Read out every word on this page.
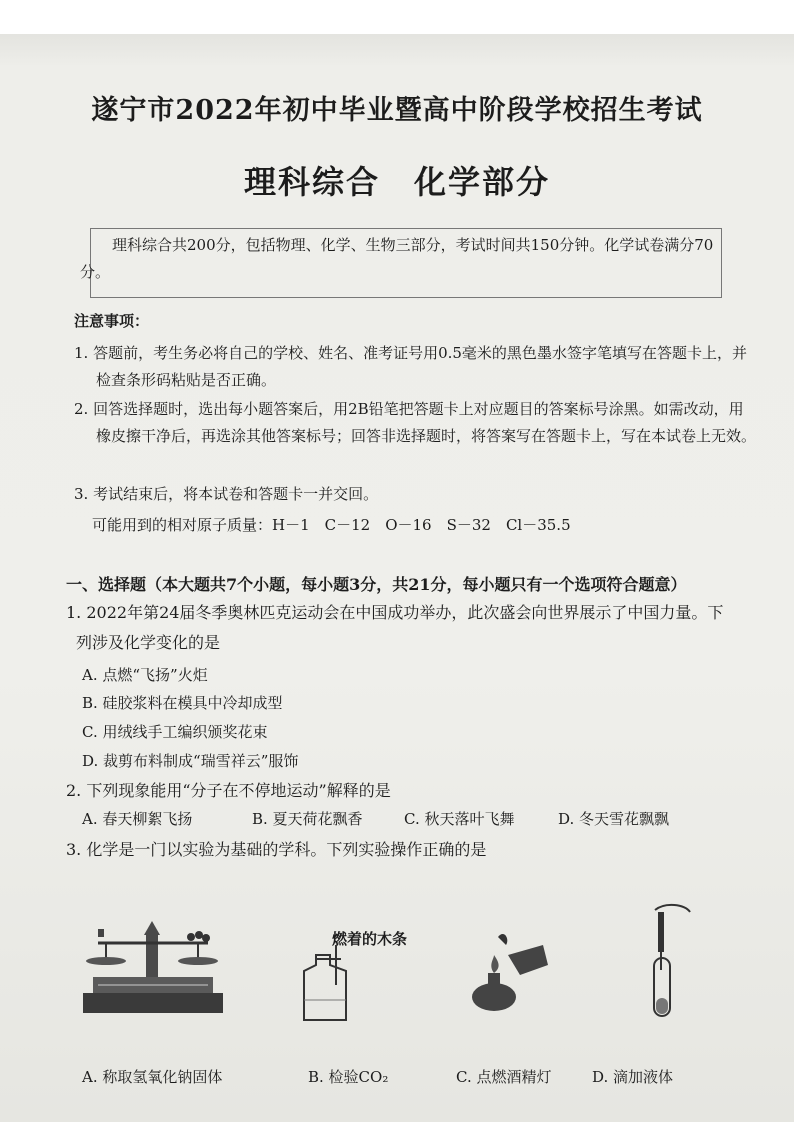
遂宁市2022年初中毕业暨高中阶段学校招生考试
理科综合　化学部分
理科综合共200分，包括物理、化学、生物三部分，考试时间共150分钟。化学试卷满分70分。
注意事项：

1. 答题前，考生务必将自己的学校、姓名、准考证号用0.5毫米的黑色墨水签字笔填写在答题卡上，并检查条形码粘贴是否正确。

2. 回答选择题时，选出每小题答案后，用2B铅笔把答题卡上对应题目的答案标号涂黑。如需改动，用橡皮擦干净后，再选涂其他答案标号；回答非选择题时，将答案写在答题卡上，写在本试卷上无效。

3. 考试结束后，将本试卷和答题卡一并交回。

可能用到的相对原子质量：H－1　C－12　O－16　S－32　Cl－35.5
一、选择题（本大题共7个小题，每小题3分，共21分，每小题只有一个选项符合题意）
1. 2022年第24届冬季奥林匹克运动会在中国成功举办，此次盛会向世界展示了中国力量。下
列涉及化学变化的是
A. 点燃“飞扬”火炬
B. 硅胶浆料在模具中冷却成型
C. 用绒线手工编织颁奖花束
D. 裁剪布料制成“瑞雪祥云”服饰
2. 下列现象能用“分子在不停地运动”解释的是
A. 春天柳絮飞扬	B. 夏天荷花飘香	C. 秋天落叶飞舞	D. 冬天雪花飘飘
3. 化学是一门以实验为基础的学科。下列实验操作正确的是
燃着的木条
A. 称取氢氧化钠固体	B. 检验CO₂	C. 点燃酒精灯	D. 滴加液体
